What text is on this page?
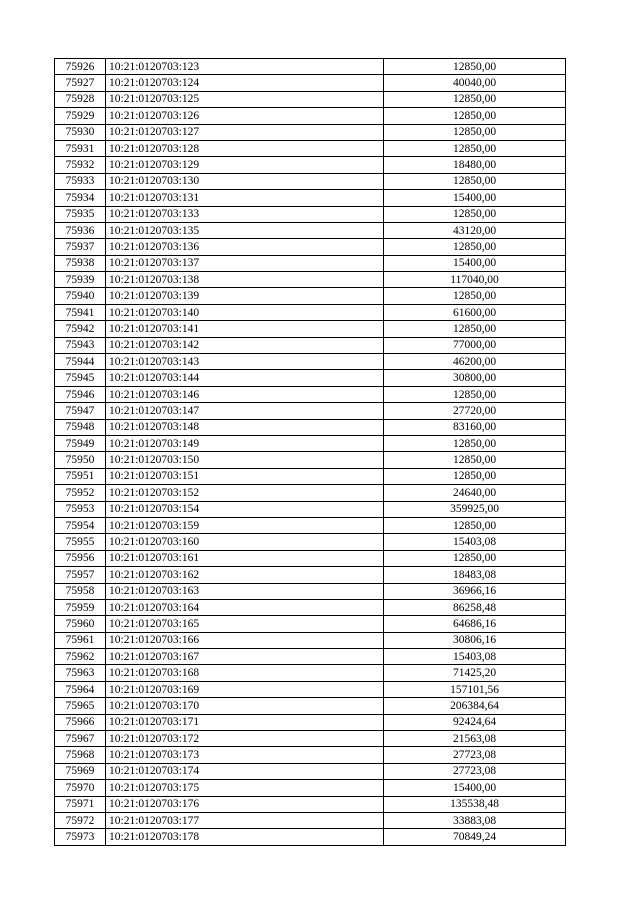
75926	10:21:0120703:123	12850,00
75927	10:21:0120703:124	40040,00
75928	10:21:0120703:125	12850,00
75929	10:21:0120703:126	12850,00
75930	10:21:0120703:127	12850,00
75931	10:21:0120703:128	12850,00
75932	10:21:0120703:129	18480,00
75933	10:21:0120703:130	12850,00
75934	10:21:0120703:131	15400,00
75935	10:21:0120703:133	12850,00
75936	10:21:0120703:135	43120,00
75937	10:21:0120703:136	12850,00
75938	10:21:0120703:137	15400,00
75939	10:21:0120703:138	117040,00
75940	10:21:0120703:139	12850,00
75941	10:21:0120703:140	61600,00
75942	10:21:0120703:141	12850,00
75943	10:21:0120703:142	77000,00
75944	10:21:0120703:143	46200,00
75945	10:21:0120703:144	30800,00
75946	10:21:0120703:146	12850,00
75947	10:21:0120703:147	27720,00
75948	10:21:0120703:148	83160,00
75949	10:21:0120703:149	12850,00
75950	10:21:0120703:150	12850,00
75951	10:21:0120703:151	12850,00
75952	10:21:0120703:152	24640,00
75953	10:21:0120703:154	359925,00
75954	10:21:0120703:159	12850,00
75955	10:21:0120703:160	15403,08
75956	10:21:0120703:161	12850,00
75957	10:21:0120703:162	18483,08
75958	10:21:0120703:163	36966,16
75959	10:21:0120703:164	86258,48
75960	10:21:0120703:165	64686,16
75961	10:21:0120703:166	30806,16
75962	10:21:0120703:167	15403,08
75963	10:21:0120703:168	71425,20
75964	10:21:0120703:169	157101,56
75965	10:21:0120703:170	206384,64
75966	10:21:0120703:171	92424,64
75967	10:21:0120703:172	21563,08
75968	10:21:0120703:173	27723,08
75969	10:21:0120703:174	27723,08
75970	10:21:0120703:175	15400,00
75971	10:21:0120703:176	135538,48
75972	10:21:0120703:177	33883,08
75973	10:21:0120703:178	70849,24
